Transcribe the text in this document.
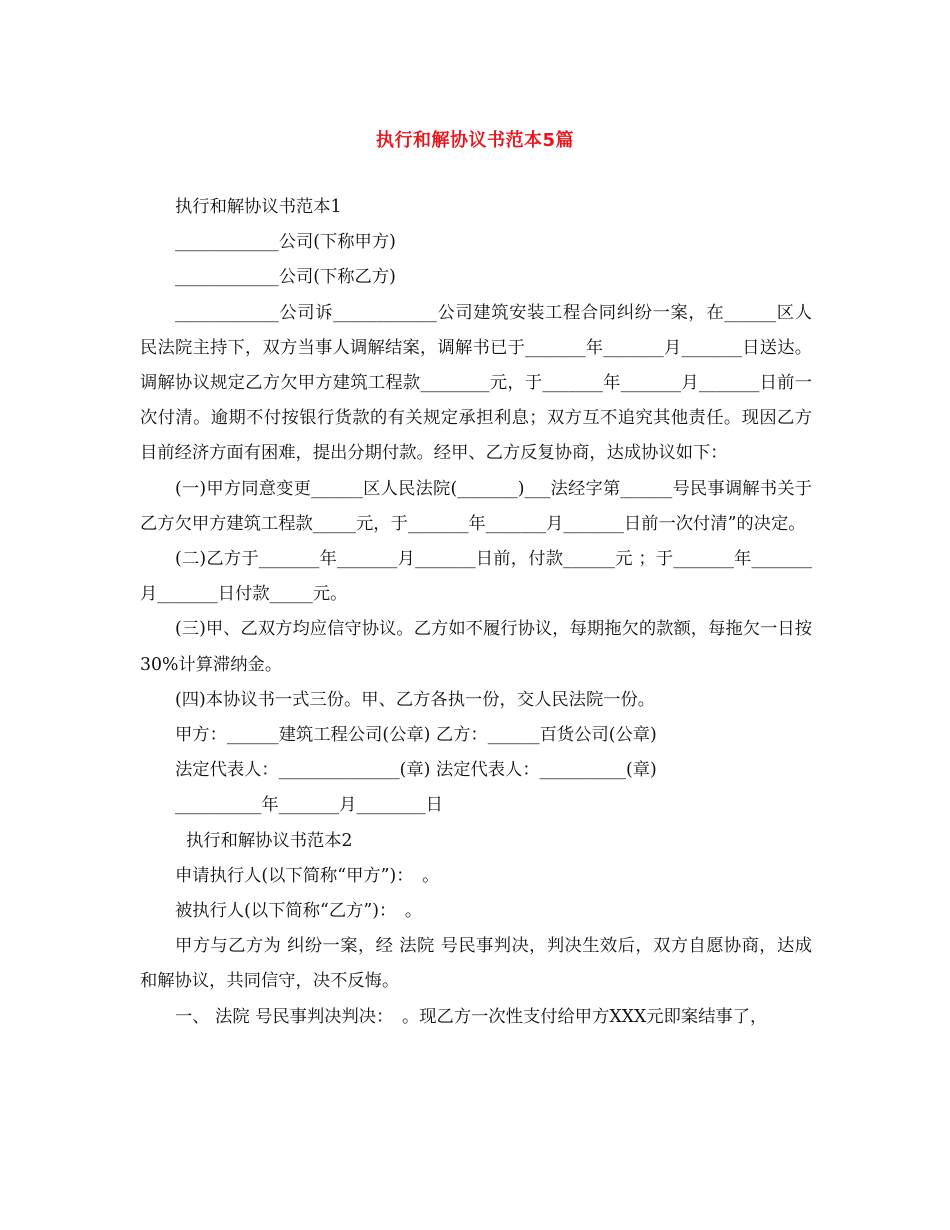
执行和解协议书范本5篇

执行和解协议书范本1

____________公司(下称甲方)

____________公司(下称乙方)

____________公司诉____________公司建筑安装工程合同纠纷一案，在______区人民法院主持下，双方当事人调解结案，调解书已于_______年_______月_______日送达。调解协议规定乙方欠甲方建筑工程款________元，于_______年_______月_______日前一次付清。逾期不付按银行货款的有关规定承担利息；双方互不追究其他责任。现因乙方目前经济方面有困难，提出分期付款。经甲、乙方反复协商，达成协议如下：

(一)甲方同意变更______区人民法院(_______)___法经字第______号民事调解书关于乙方欠甲方建筑工程款_____元，于_______年_______月_______日前一次付清”的决定。

(二)乙方于_______年_______月_______日前，付款______元 ；于_______年_______月_______日付款_____元。

(三)甲、乙双方均应信守协议。乙方如不履行协议，每期拖欠的款额，每拖欠一日按30%计算滞纳金。

(四)本协议书一式三份。甲、乙方各执一份，交人民法院一份。

甲方：______建筑工程公司(公章) 乙方：______百货公司(公章)

法定代表人：______________(章) 法定代表人：__________(章)

__________年_______月________日

执行和解协议书范本2

申请执行人(以下简称“甲方”)：　。

被执行人(以下简称“乙方”)：　。

甲方与乙方为 纠纷一案，经 法院 号民事判决，判决生效后，双方自愿协商，达成和解协议，共同信守，决不反悔。

一、 法院 号民事判决判决：　。现乙方一次性支付给甲方XXX元即案结事了，
